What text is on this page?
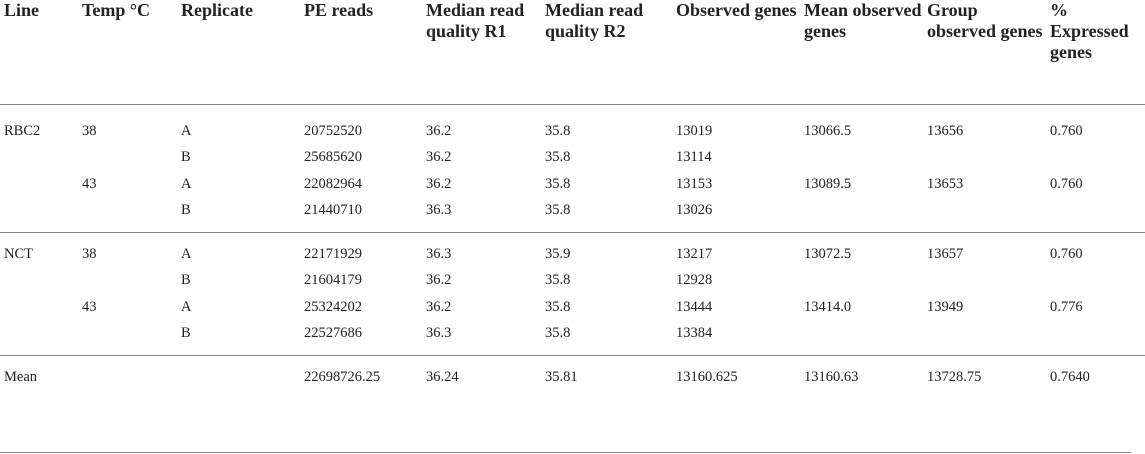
Line	Temp °C	Replicate	PE reads	Median read quality R1	Median read quality R2	Observed genes	Mean observed genes	Group observed genes	% Expressed genes

RBC2	38	A	20752520	36.2	35.8	13019	13066.5	13656	0.760
		B	25685620	36.2	35.8	13114			
	43	A	22082964	36.2	35.8	13153	13089.5	13653	0.760
		B	21440710	36.3	35.8	13026			

NCT	38	A	22171929	36.3	35.9	13217	13072.5	13657	0.760
		B	21604179	36.2	35.8	12928			
	43	A	25324202	36.2	35.8	13444	13414.0	13949	0.776
		B	22527686	36.3	35.8	13384			

Mean			22698726.25	36.24	35.81	13160.625	13160.63	13728.75	0.7640
